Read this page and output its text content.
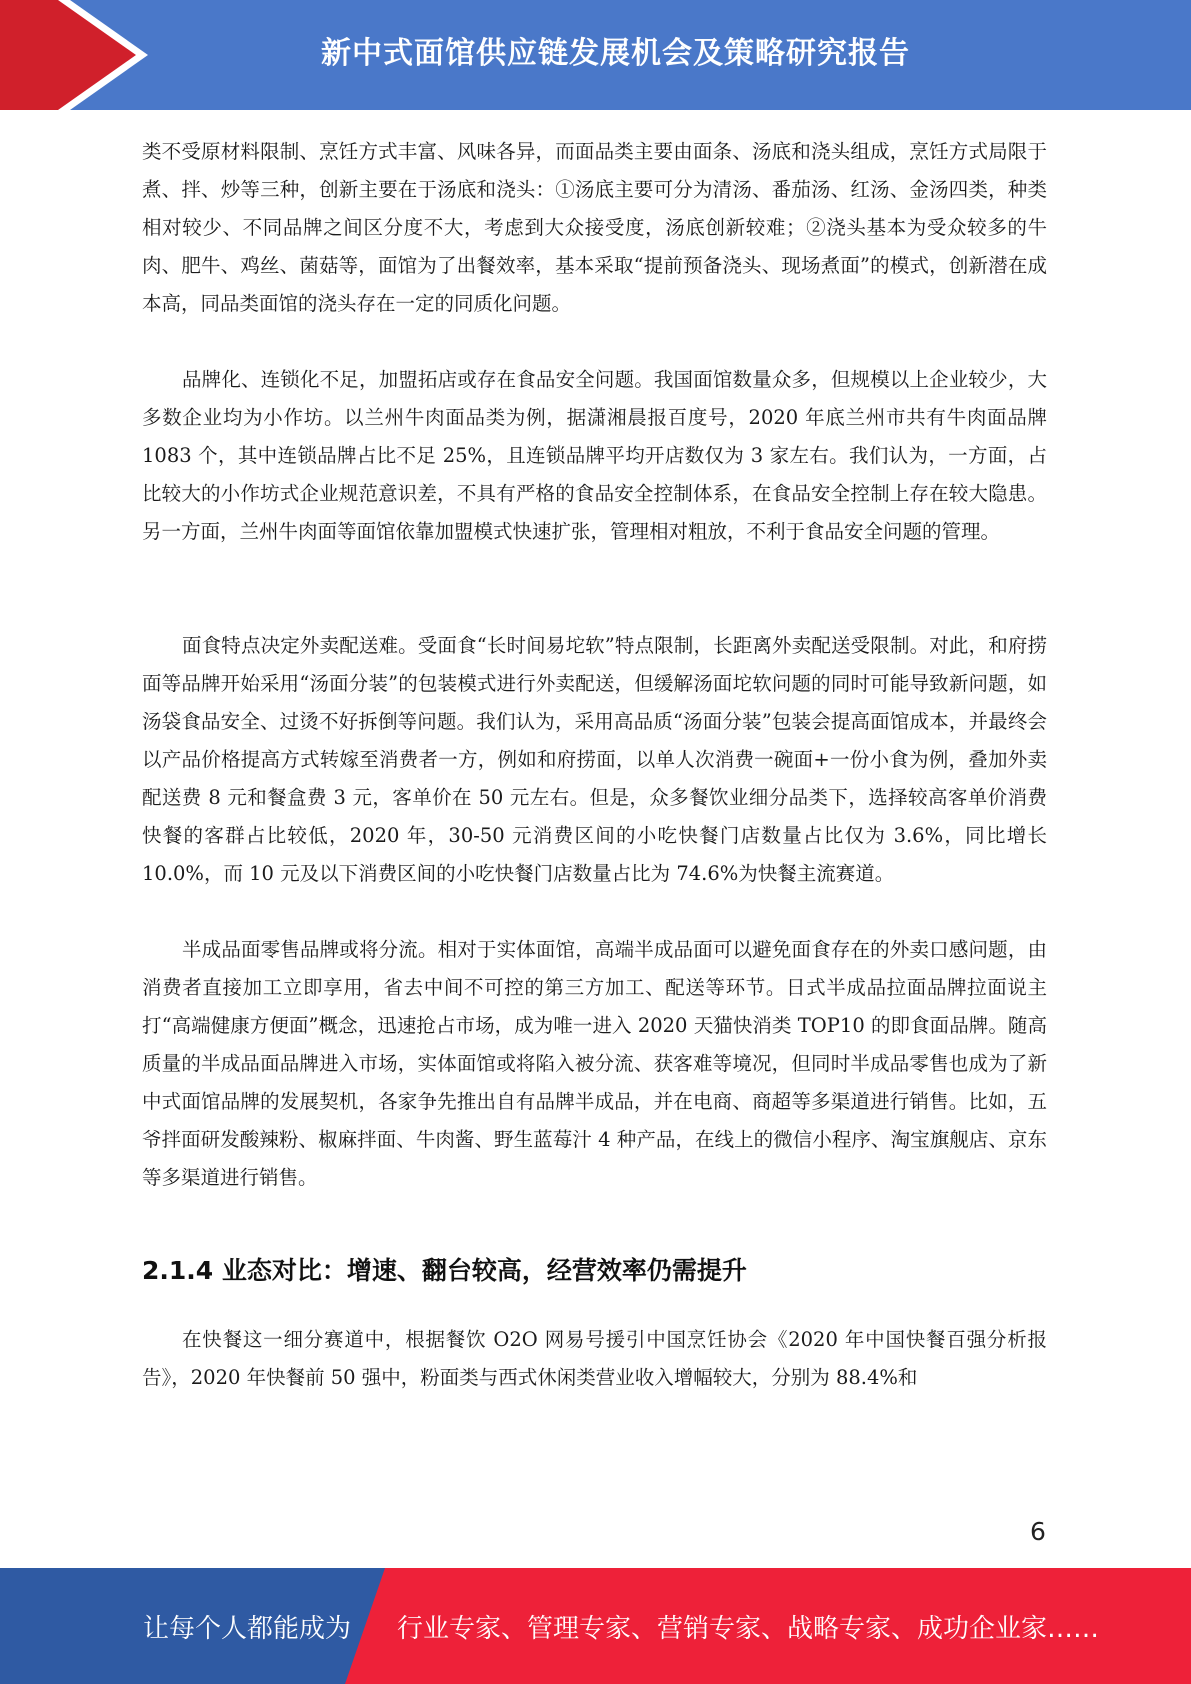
新中式面馆供应链发展机会及策略研究报告

类不受原材料限制、烹饪方式丰富、风味各异，而面品类主要由面条、汤底和浇头组成，烹饪方式局限于煮、拌、炒等三种，创新主要在于汤底和浇头：①汤底主要可分为清汤、番茄汤、红汤、金汤四类，种类相对较少、不同品牌之间区分度不大，考虑到大众接受度，汤底创新较难；②浇头基本为受众较多的牛肉、肥牛、鸡丝、菌菇等，面馆为了出餐效率，基本采取“提前预备浇头、现场煮面”的模式，创新潜在成本高，同品类面馆的浇头存在一定的同质化问题。

品牌化、连锁化不足，加盟拓店或存在食品安全问题。我国面馆数量众多，但规模以上企业较少，大多数企业均为小作坊。以兰州牛肉面品类为例，据潇湘晨报百度号，2020 年底兰州市共有牛肉面品牌 1083 个，其中连锁品牌占比不足 25%，且连锁品牌平均开店数仅为 3 家左右。我们认为，一方面，占比较大的小作坊式企业规范意识差，不具有严格的食品安全控制体系，在食品安全控制上存在较大隐患。另一方面，兰州牛肉面等面馆依靠加盟模式快速扩张，管理相对粗放，不利于食品安全问题的管理。

面食特点决定外卖配送难。受面食“长时间易坨软”特点限制，长距离外卖配送受限制。对此，和府捞面等品牌开始采用“汤面分装”的包装模式进行外卖配送，但缓解汤面坨软问题的同时可能导致新问题，如汤袋食品安全、过烫不好拆倒等问题。我们认为，采用高品质“汤面分装”包装会提高面馆成本，并最终会以产品价格提高方式转嫁至消费者一方，例如和府捞面，以单人次消费一碗面+一份小食为例，叠加外卖配送费 8 元和餐盒费 3 元，客单价在 50 元左右。但是，众多餐饮业细分品类下，选择较高客单价消费快餐的客群占比较低，2020 年，30-50 元消费区间的小吃快餐门店数量占比仅为 3.6%，同比增长 10.0%，而 10 元及以下消费区间的小吃快餐门店数量占比为 74.6%为快餐主流赛道。

半成品面零售品牌或将分流。相对于实体面馆，高端半成品面可以避免面食存在的外卖口感问题，由消费者直接加工立即享用，省去中间不可控的第三方加工、配送等环节。日式半成品拉面品牌拉面说主打“高端健康方便面”概念，迅速抢占市场，成为唯一进入 2020 天猫快消类 TOP10 的即食面品牌。随高质量的半成品面品牌进入市场，实体面馆或将陷入被分流、获客难等境况，但同时半成品零售也成为了新中式面馆品牌的发展契机，各家争先推出自有品牌半成品，并在电商、商超等多渠道进行销售。比如，五爷拌面研发酸辣粉、椒麻拌面、牛肉酱、野生蓝莓汁 4 种产品，在线上的微信小程序、淘宝旗舰店、京东等多渠道进行销售。

2.1.4 业态对比：增速、翻台较高，经营效率仍需提升

在快餐这一细分赛道中，根据餐饮 O2O 网易号援引中国烹饪协会《2020 年中国快餐百强分析报告》，2020 年快餐前 50 强中，粉面类与西式休闲类营业收入增幅较大，分别为 88.4%和

6
让每个人都能成为 行业专家、管理专家、营销专家、战略专家、成功企业家……
